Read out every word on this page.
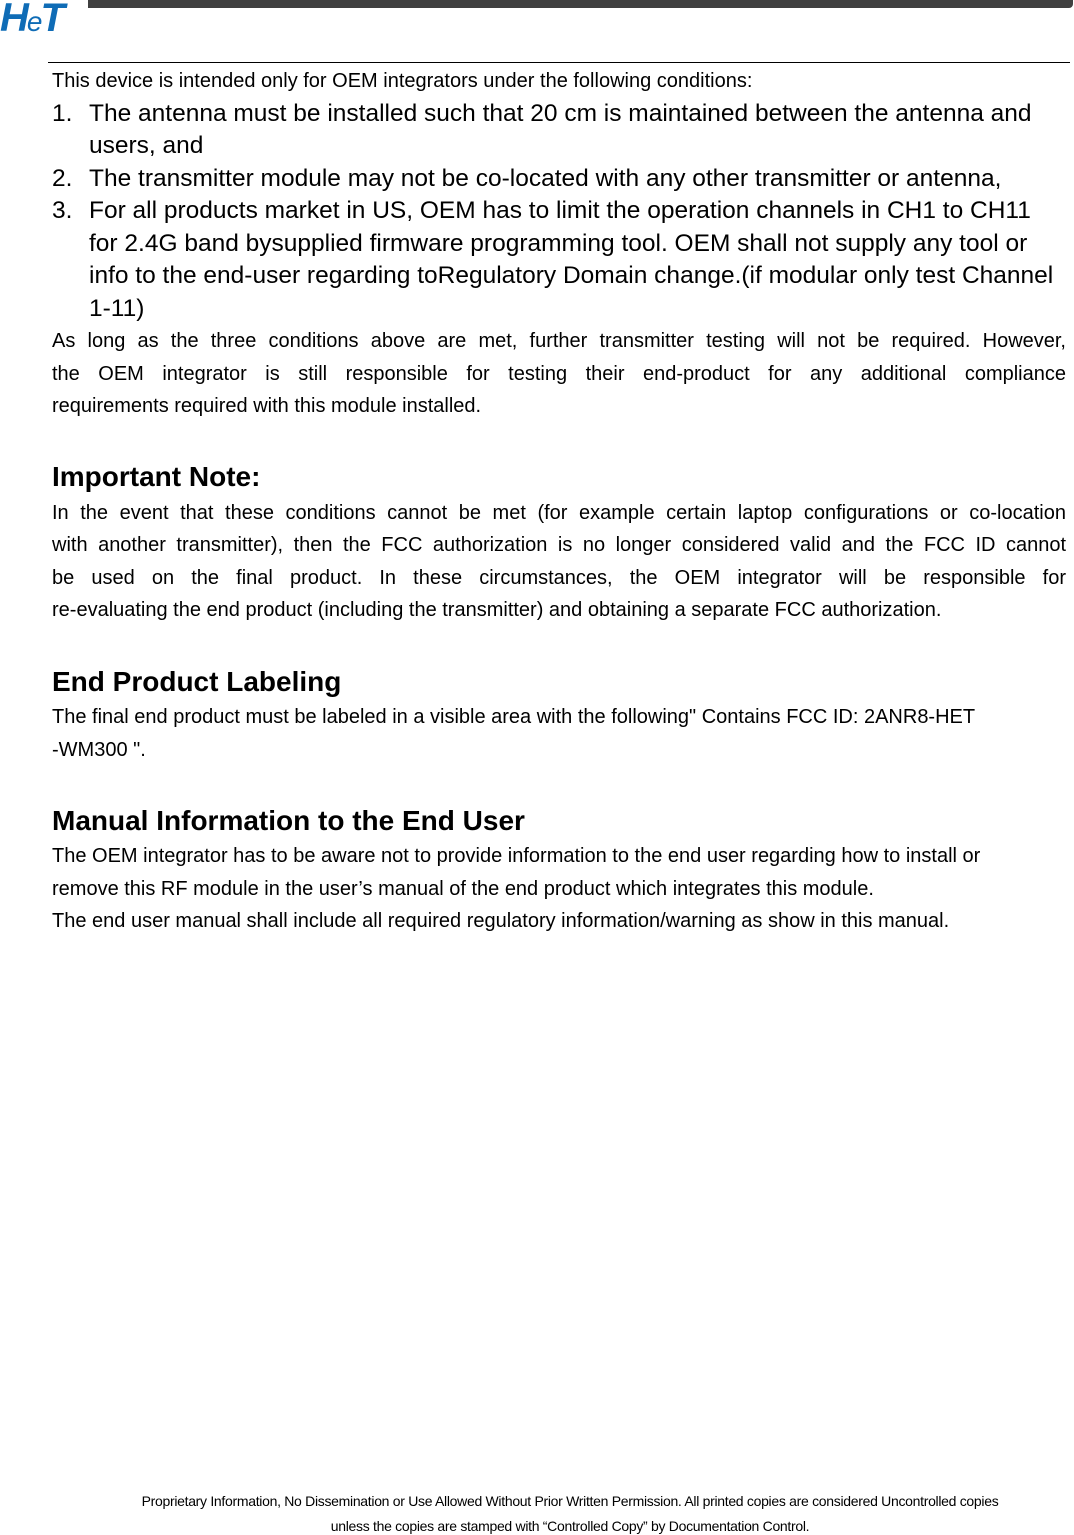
HeT
This device is intended only for OEM integrators under the following conditions:
1. The antenna must be installed such that 20 cm is maintained between the antenna and
users, and
2. The transmitter module may not be co-located with any other transmitter or antenna,
3. For all products market in US, OEM has to limit the operation channels in CH1 to CH11
for 2.4G band bysupplied firmware programming tool. OEM shall not supply any tool or
info to the end-user regarding toRegulatory Domain change.(if modular only test Channel
1-11)
As long as the three conditions above are met, further transmitter testing will not be required. However,
the OEM integrator is still responsible for testing their end-product for any additional compliance
requirements required with this module installed.
Important Note:
In the event that these conditions cannot be met (for example certain laptop configurations or co-location
with another transmitter), then the FCC authorization is no longer considered valid and the FCC ID cannot
be used on the final product. In these circumstances, the OEM integrator will be responsible for
re-evaluating the end product (including the transmitter) and obtaining a separate FCC authorization.
End Product Labeling
The final end product must be labeled in a visible area with the following" Contains FCC ID: 2ANR8-HET
-WM300 ".
Manual Information to the End User
The OEM integrator has to be aware not to provide information to the end user regarding how to install or
remove this RF module in the user’s manual of the end product which integrates this module.
The end user manual shall include all required regulatory information/warning as show in this manual.
Proprietary Information, No Dissemination or Use Allowed Without Prior Written Permission. All printed copies are considered Uncontrolled copies
unless the copies are stamped with “Controlled Copy” by Documentation Control.
